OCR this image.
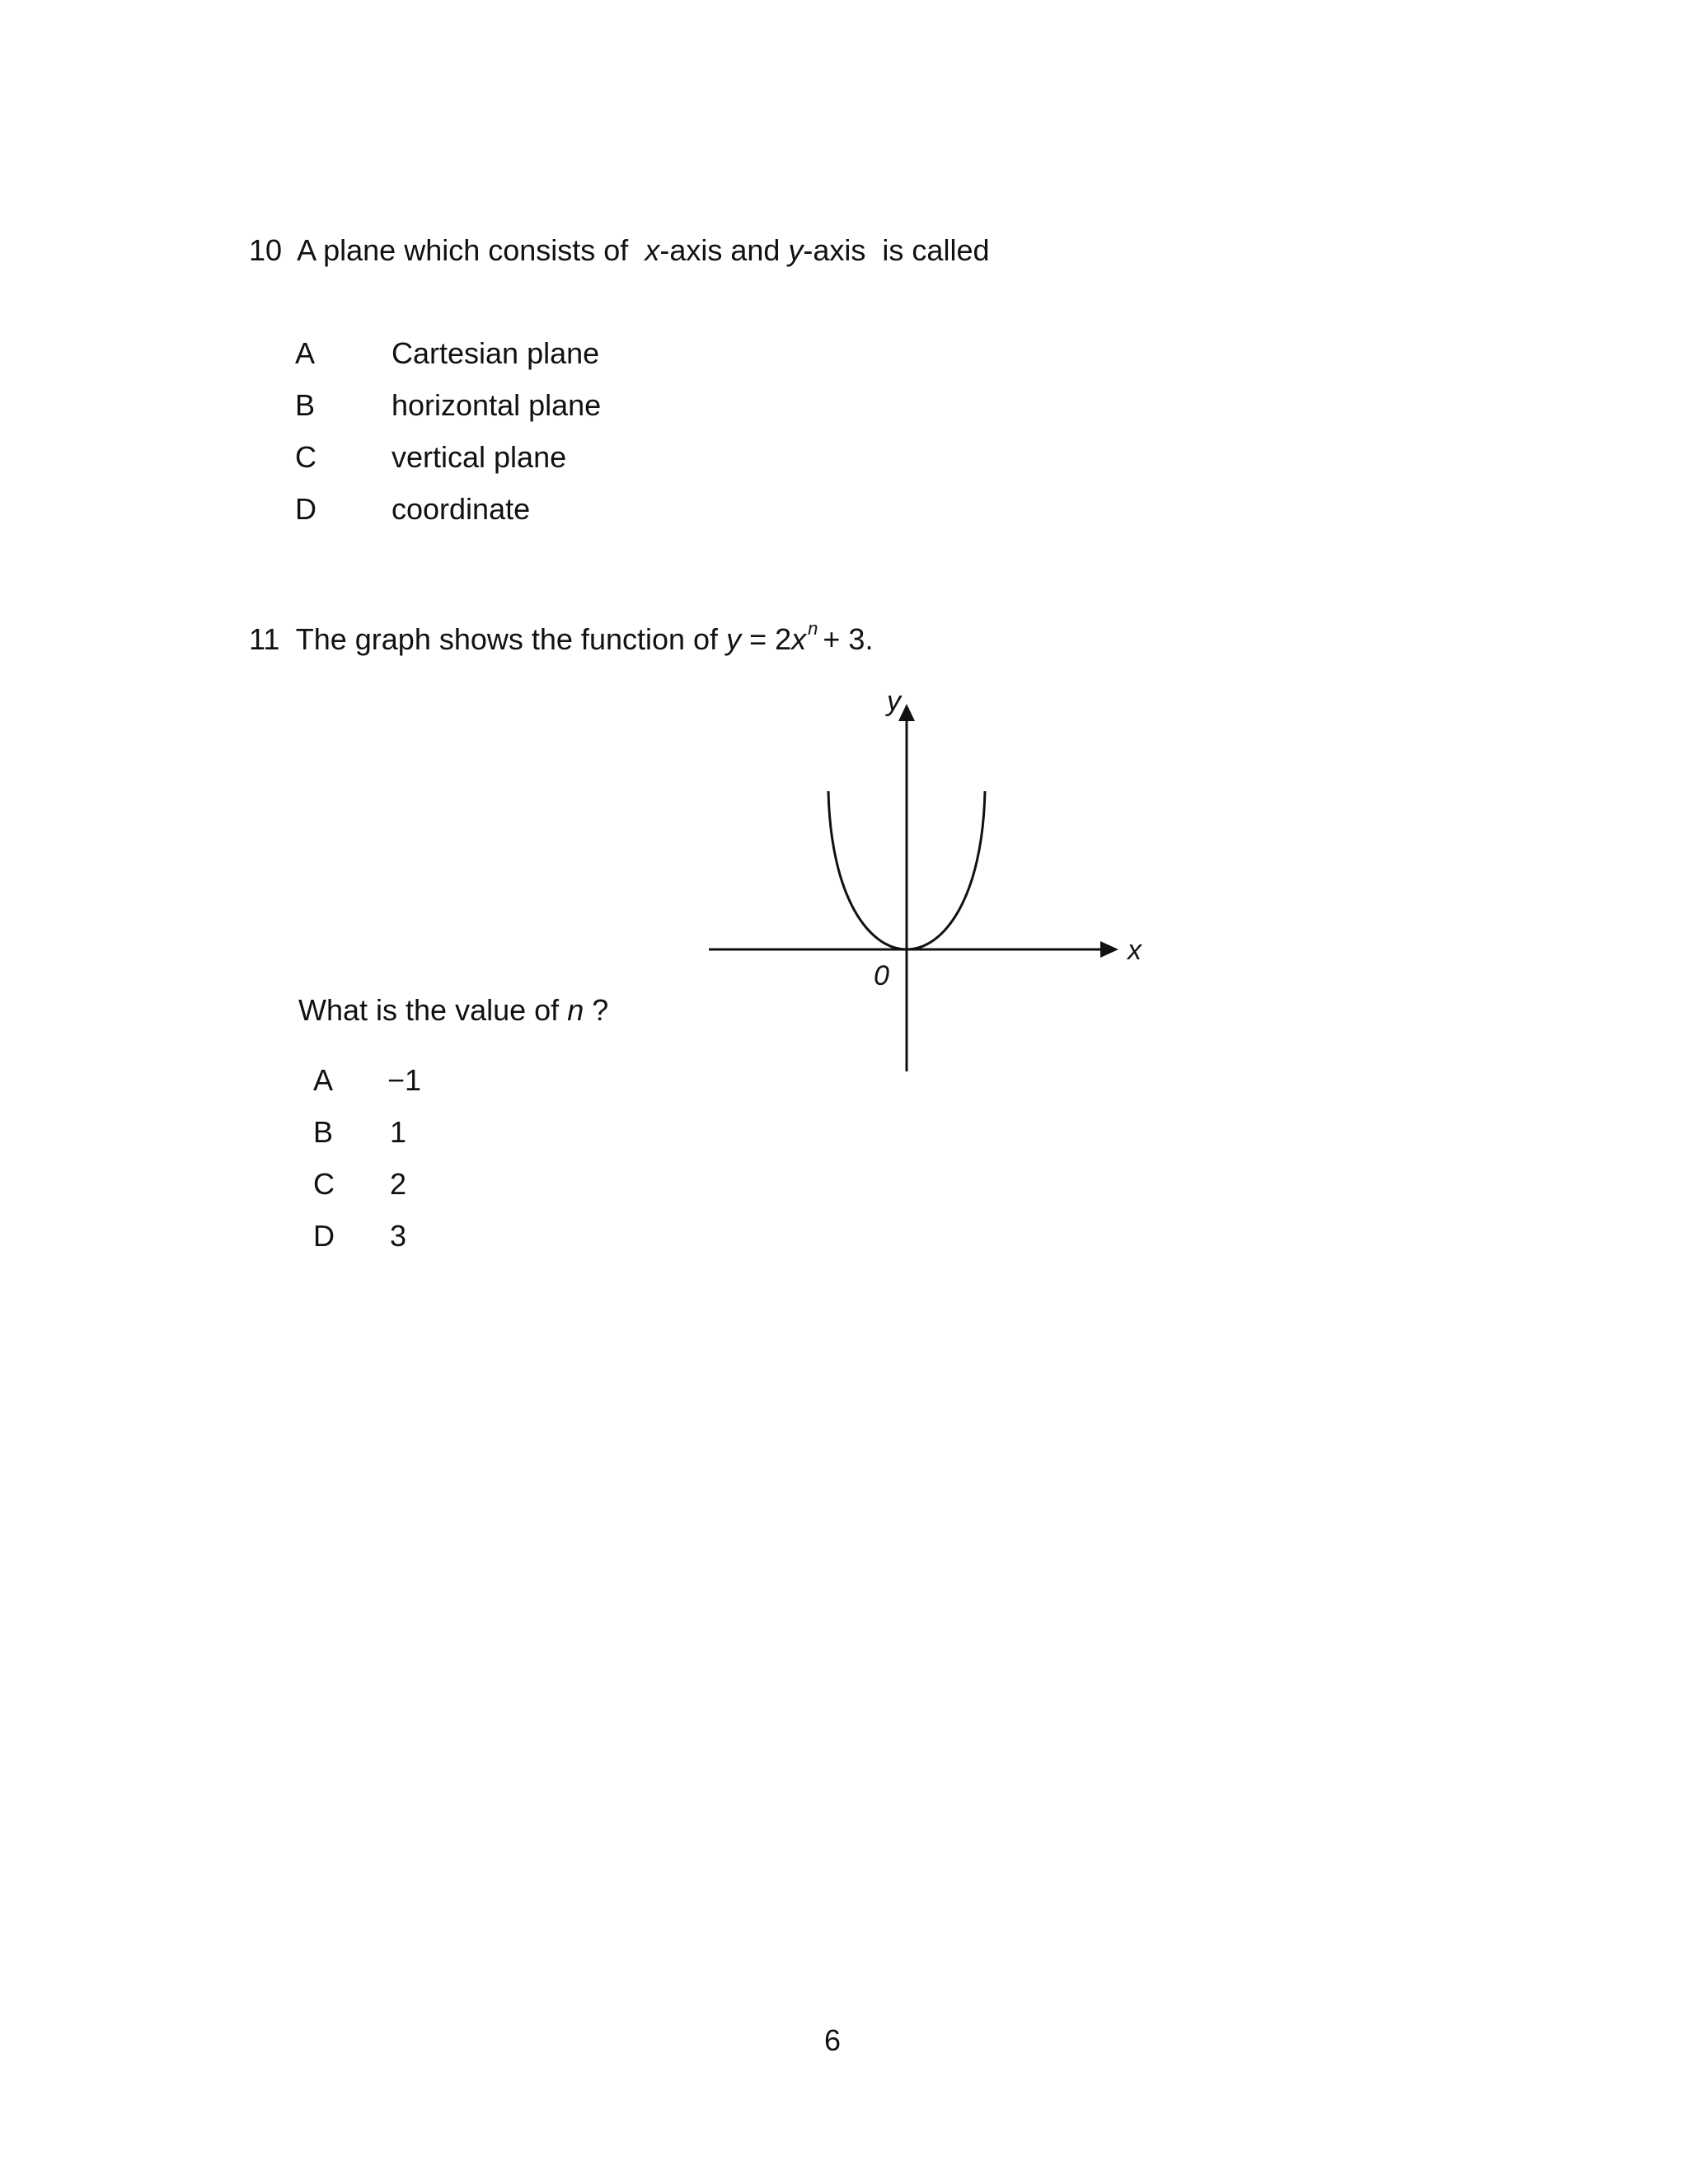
10 A plane which consists of x-axis and y-axis  is called
A	Cartesian plane
B	horizontal plane
C	vertical plane
D	coordinate
11 The graph shows the function of $y = 2x^n + 3$.
x
y
0
What is the value of n ?
A −1
B 1
C 2
D 3
6
